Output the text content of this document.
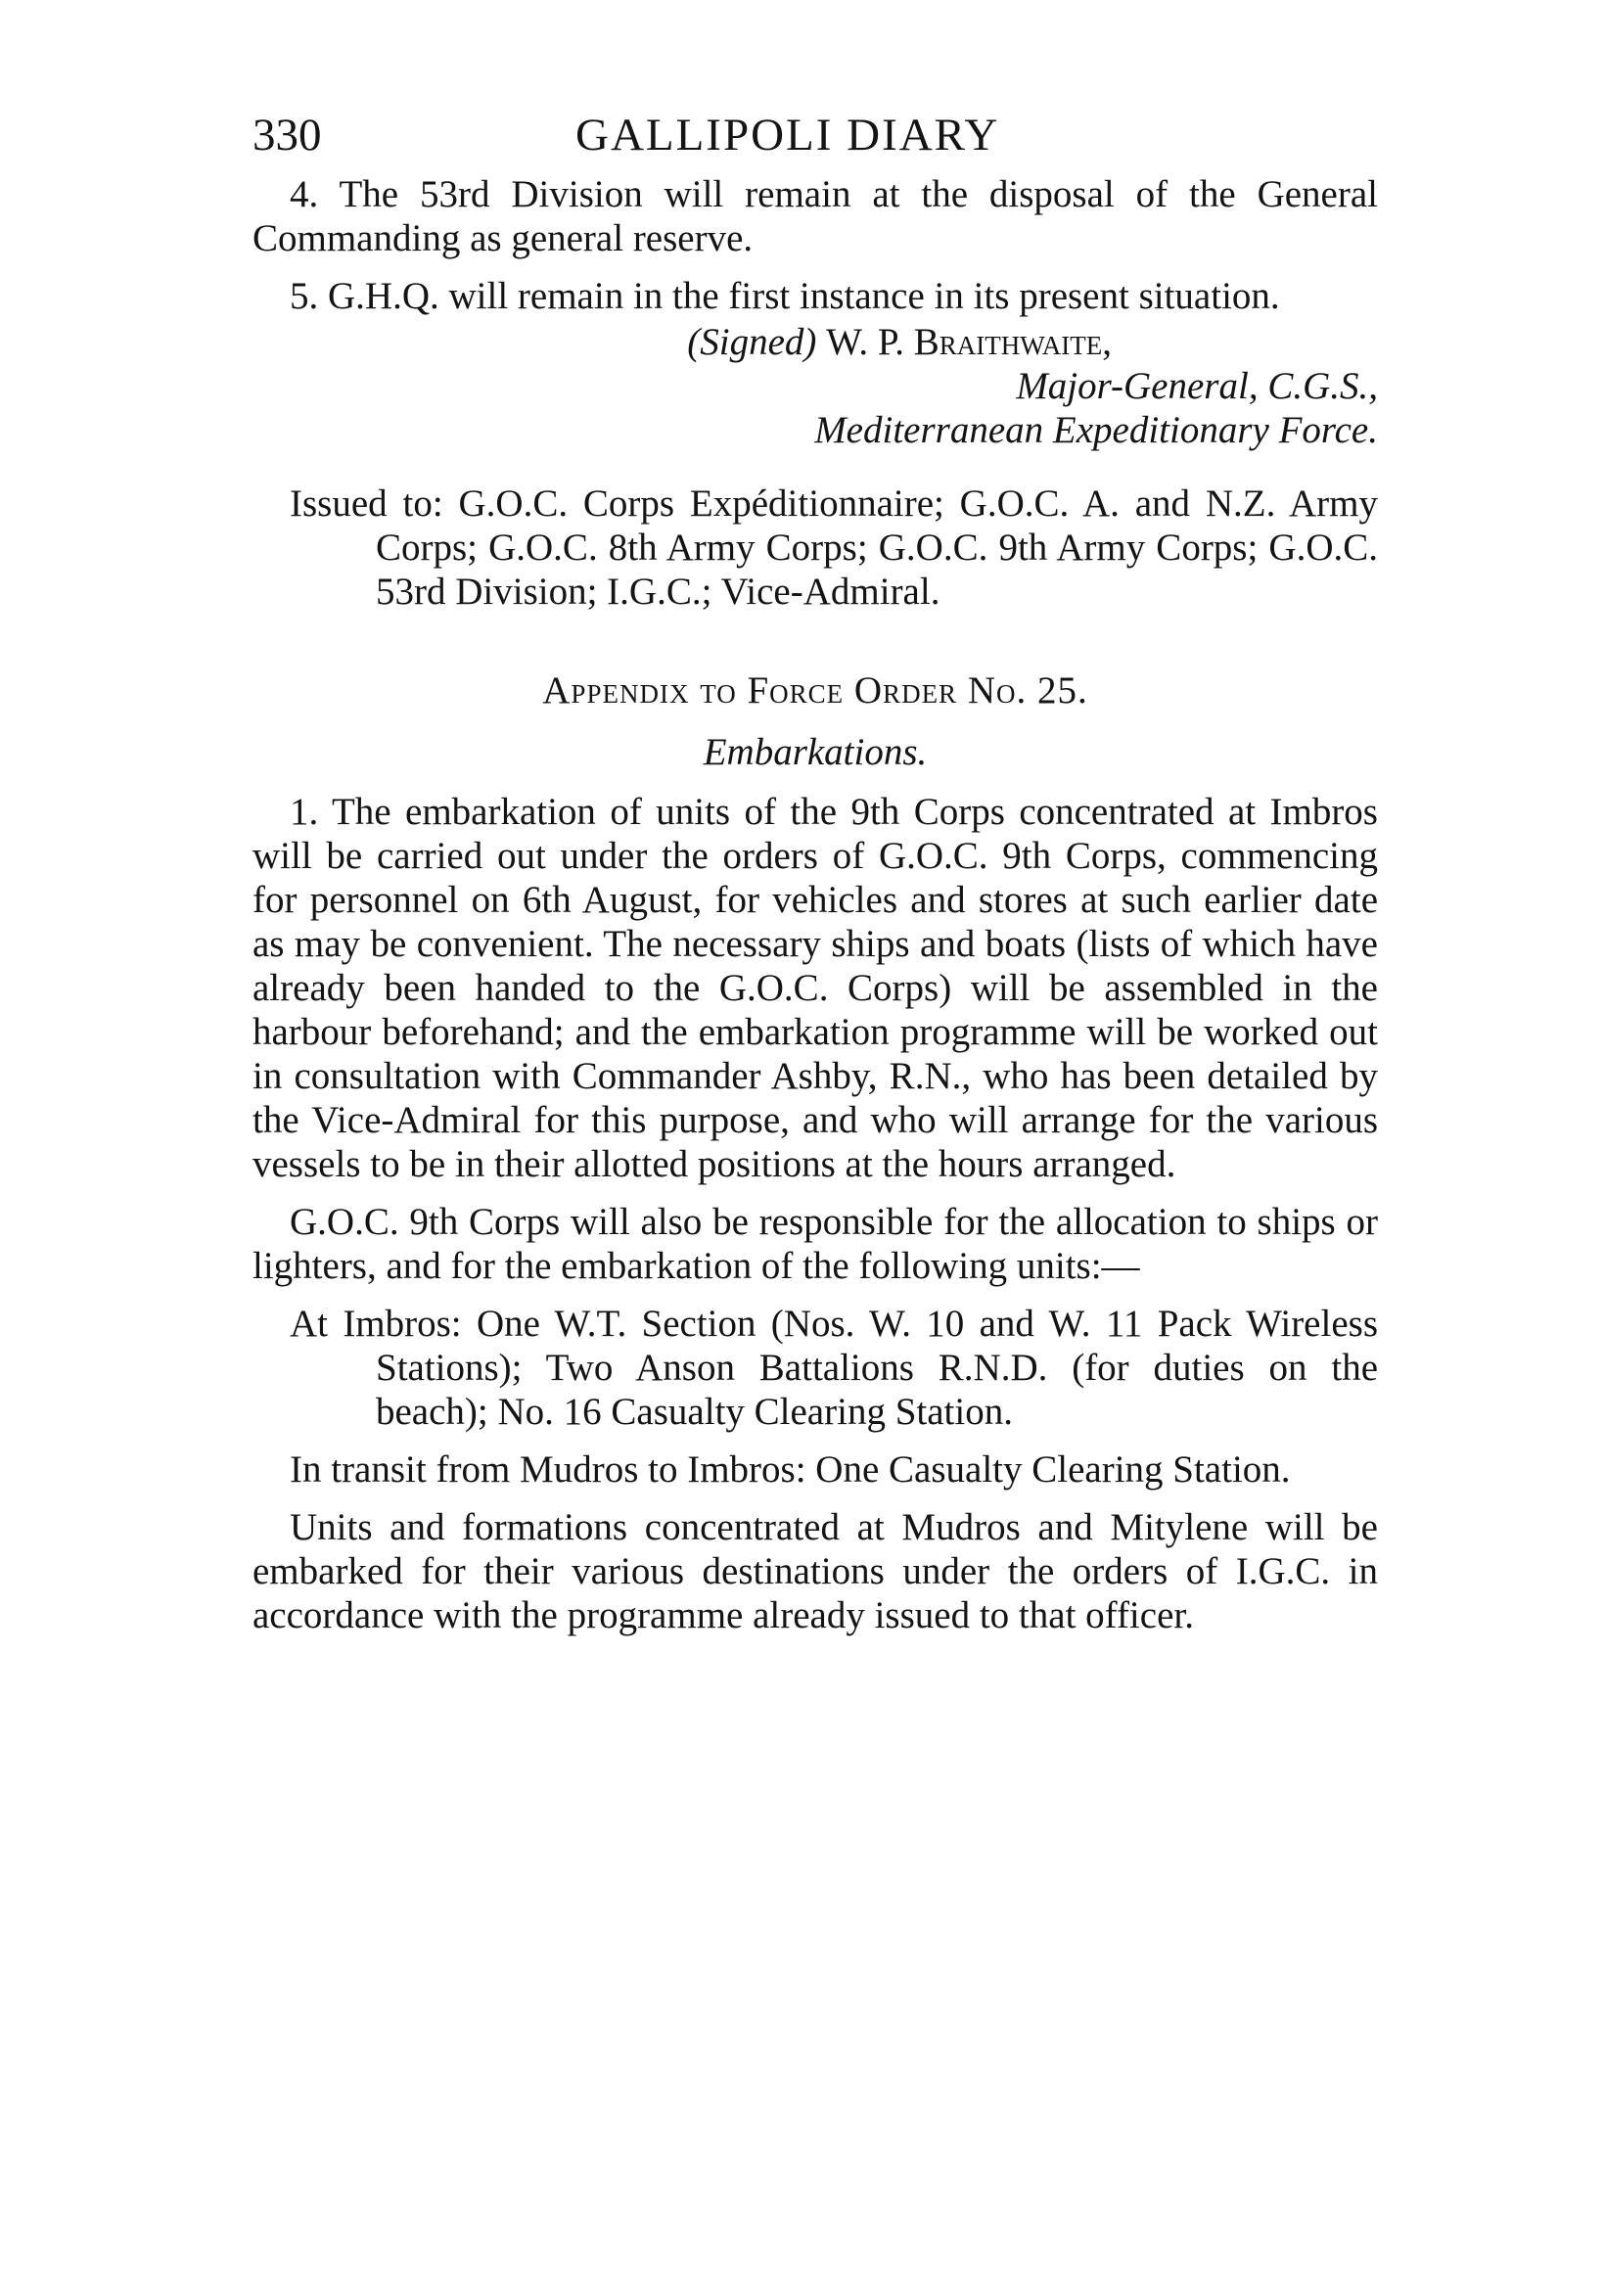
330	GALLIPOLI DIARY

4. The 53rd Division will remain at the disposal of the General Commanding as general reserve.

5. G.H.Q. will remain in the first instance in its present situation.

(Signed) W. P. Braithwaite,

Major-General, C.G.S.,

Mediterranean Expeditionary Force.

Issued to: G.O.C. Corps Expéditionnaire; G.O.C. A. and N.Z. Army Corps; G.O.C. 8th Army Corps; G.O.C. 9th Army Corps; G.O.C. 53rd Division; I.G.C.; Vice-Admiral.

Appendix to Force Order No. 25.

Embarkations.

1. The embarkation of units of the 9th Corps concentrated at Imbros will be carried out under the orders of G.O.C. 9th Corps, commencing for personnel on 6th August, for vehicles and stores at such earlier date as may be convenient. The necessary ships and boats (lists of which have already been handed to the G.O.C. Corps) will be assembled in the harbour beforehand; and the embarkation programme will be worked out in consultation with Commander Ashby, R.N., who has been detailed by the Vice-Admiral for this purpose, and who will arrange for the various vessels to be in their allotted positions at the hours arranged.

G.O.C. 9th Corps will also be responsible for the allocation to ships or lighters, and for the embarkation of the following units:—

At Imbros: One W.T. Section (Nos. W. 10 and W. 11 Pack Wireless Stations); Two Anson Battalions R.N.D. (for duties on the beach); No. 16 Casualty Clearing Station.

In transit from Mudros to Imbros: One Casualty Clearing Station.

Units and formations concentrated at Mudros and Mitylene will be embarked for their various destinations under the orders of I.G.C. in accordance with the programme already issued to that officer.
